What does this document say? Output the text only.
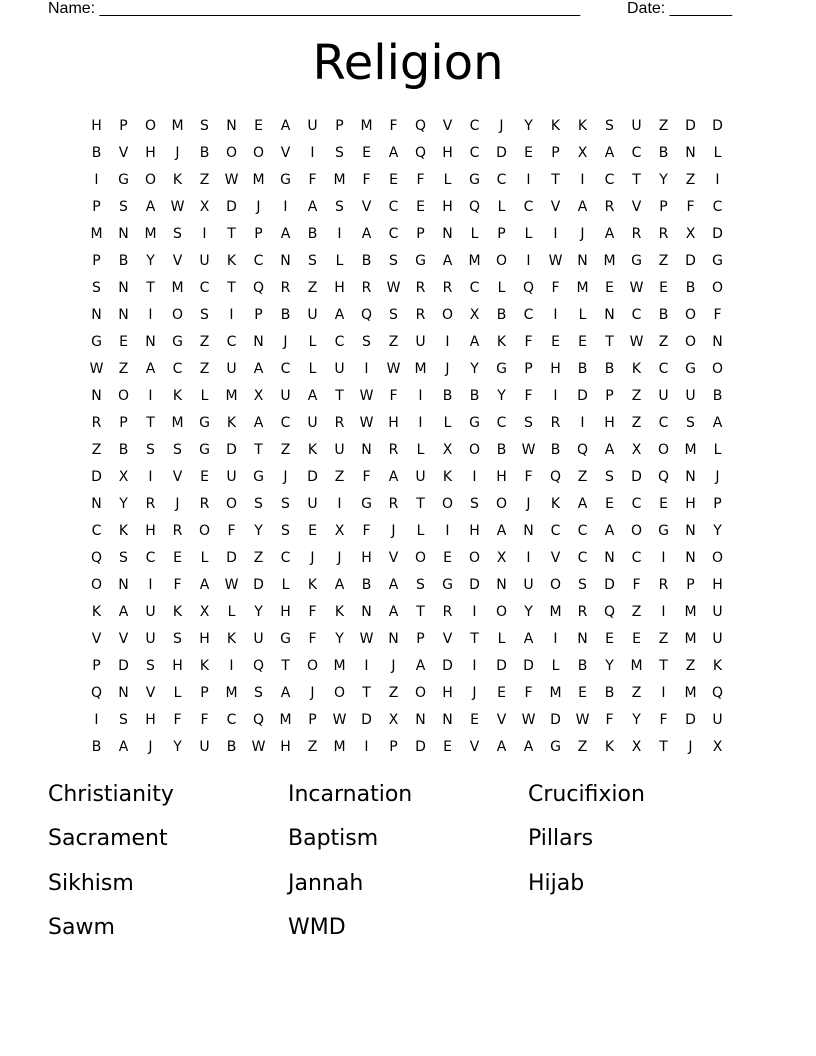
Name: ______________________________________________________	Date: _______
Religion
H	P	O	M	S	N	E	A	U	P	M	F	Q	V	C	J	Y	K	K	S	U	Z	D	D
B	V	H	J	B	O	O	V	I	S	E	A	Q	H	C	D	E	P	X	A	C	B	N	L
I	G	O	K	Z	W	M	G	F	M	F	E	F	L	G	C	I	T	I	C	T	Y	Z	I
P	S	A	W	X	D	J	I	A	S	V	C	E	H	Q	L	C	V	A	R	V	P	F	C
M	N	M	S	I	T	P	A	B	I	A	C	P	N	L	P	L	I	J	A	R	R	X	D
P	B	Y	V	U	K	C	N	S	L	B	S	G	A	M	O	I	W	N	M	G	Z	D	G
S	N	T	M	C	T	Q	R	Z	H	R	W	R	R	C	L	Q	F	M	E	W	E	B	O
N	N	I	O	S	I	P	B	U	A	Q	S	R	O	X	B	C	I	L	N	C	B	O	F
G	E	N	G	Z	C	N	J	L	C	S	Z	U	I	A	K	F	E	E	T	W	Z	O	N
W	Z	A	C	Z	U	A	C	L	U	I	W	M	J	Y	G	P	H	B	B	K	C	G	O
N	O	I	K	L	M	X	U	A	T	W	F	I	B	B	Y	F	I	D	P	Z	U	U	B
R	P	T	M	G	K	A	C	U	R	W	H	I	L	G	C	S	R	I	H	Z	C	S	A
Z	B	S	S	G	D	T	Z	K	U	N	R	L	X	O	B	W	B	Q	A	X	O	M	L
D	X	I	V	E	U	G	J	D	Z	F	A	U	K	I	H	F	Q	Z	S	D	Q	N	J
N	Y	R	J	R	O	S	S	U	I	G	R	T	O	S	O	J	K	A	E	C	E	H	P
C	K	H	R	O	F	Y	S	E	X	F	J	L	I	H	A	N	C	C	A	O	G	N	Y
Q	S	C	E	L	D	Z	C	J	J	H	V	O	E	O	X	I	V	C	N	C	I	N	O
O	N	I	F	A	W	D	L	K	A	B	A	S	G	D	N	U	O	S	D	F	R	P	H
K	A	U	K	X	L	Y	H	F	K	N	A	T	R	I	O	Y	M	R	Q	Z	I	M	U
V	V	U	S	H	K	U	G	F	Y	W	N	P	V	T	L	A	I	N	E	E	Z	M	U
P	D	S	H	K	I	Q	T	O	M	I	J	A	D	I	D	D	L	B	Y	M	T	Z	K
Q	N	V	L	P	M	S	A	J	O	T	Z	O	H	J	E	F	M	E	B	Z	I	M	Q
I	S	H	F	F	C	Q	M	P	W	D	X	N	N	E	V	W	D	W	F	Y	F	D	U
B	A	J	Y	U	B	W	H	Z	M	I	P	D	E	V	A	A	G	Z	K	X	T	J	X
Christianity	Incarnation	Crucifixion
Sacrament	Baptism	Pillars
Sikhism	Jannah	Hijab
Sawm	WMD
